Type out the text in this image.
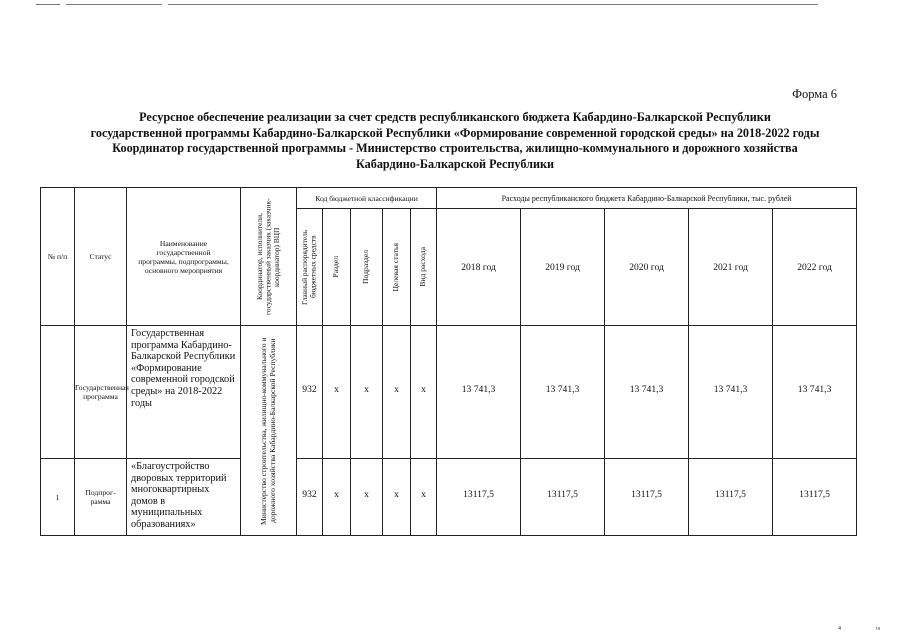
Форма 6
Ресурсное обеспечение реализации за счет средств республиканского бюджета Кабардино-Балкарской Республики
государственной программы Кабардино-Балкарской Республики «Формирование современной городской среды» на 2018-2022 годы
Координатор государственной программы - Министерство строительства, жилищно-коммунального и дорожного хозяйства
Кабардино-Балкарской Республики
№ п/п	Статус	Наименование государственной программы, подпрограммы, основного мероприятия	Координатор, исполнители, государственный заказчик (заказчик-координатор) ВЦП	Код бюджетной классификации					Расходы республиканского бюджета Кабардино-Балкарской Республики, тыс. рублей				

				Главный распорядитель бюджетных средств	Раздел	Подраздел	Целевая статья	Вид расхода	2018 год	2019 год	2020 год	2021 год	2022 год
	Государственная программа	Государственная программа Кабардино-Балкарской Республики «Формирование современной городской среды» на 2018-2022 годы	Министерство строительства, жилищно-коммунального и дорожного хозяйства Кабардино-Балкарской Республики	932	х	х	х	х	13 741,3	13 741,3	13 741,3	13 741,3	13 741,3
1	Подпрог-рамма	«Благоустройство дворовых территорий многоквартирных домов в муниципальных образованиях»		932	х	х	х	х	13117,5	13117,5	13117,5	13117,5	13117,5
⁴	ᵗᵃ
